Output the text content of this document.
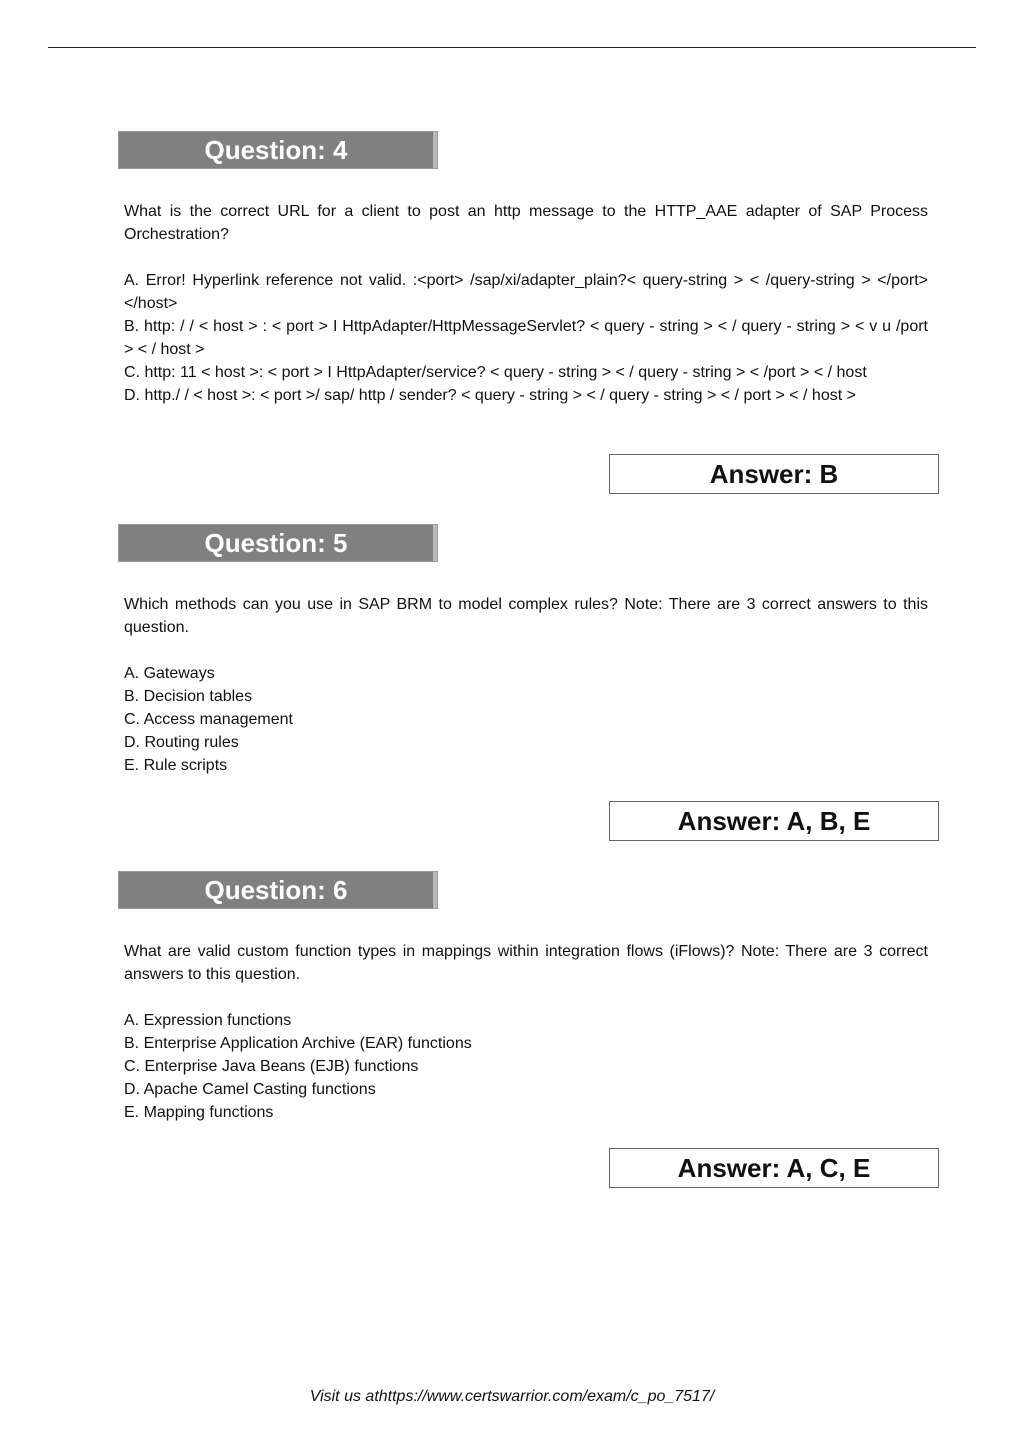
Question: 4

What is the correct URL for a client to post an http message to the HTTP_AAE adapter of SAP Process Orchestration?

A. Error! Hyperlink reference not valid. :<port> /sap/xi/adapter_plain?< query-string > < /query-string > </port> </host>

B. http: / / < host > : < port > I HttpAdapter/HttpMessageServlet? < query - string > < / query - string > < v u /port > < / host >

C. http: 11 < host >: < port > I HttpAdapter/service? < query - string > < / query - string > < /port > < / host

D. http./ / < host >: < port >/ sap/ http / sender? < query - string > < / query - string > < / port > < / host >

Answer: B
Question: 5

Which methods can you use in SAP BRM to model complex rules? Note: There are 3 correct answers to this question.

A. Gateways

B. Decision tables

C. Access management

D. Routing rules

E. Rule scripts

Answer: A, B, E
Question: 6

What are valid custom function types in mappings within integration flows (iFlows)? Note: There are 3 correct answers to this question.

A. Expression functions

B. Enterprise Application Archive (EAR) functions

C. Enterprise Java Beans (EJB) functions

D. Apache Camel Casting functions

E. Mapping functions

Answer: A, C, E
Visit us athttps://www.certswarrior.com/exam/c_po_7517/
